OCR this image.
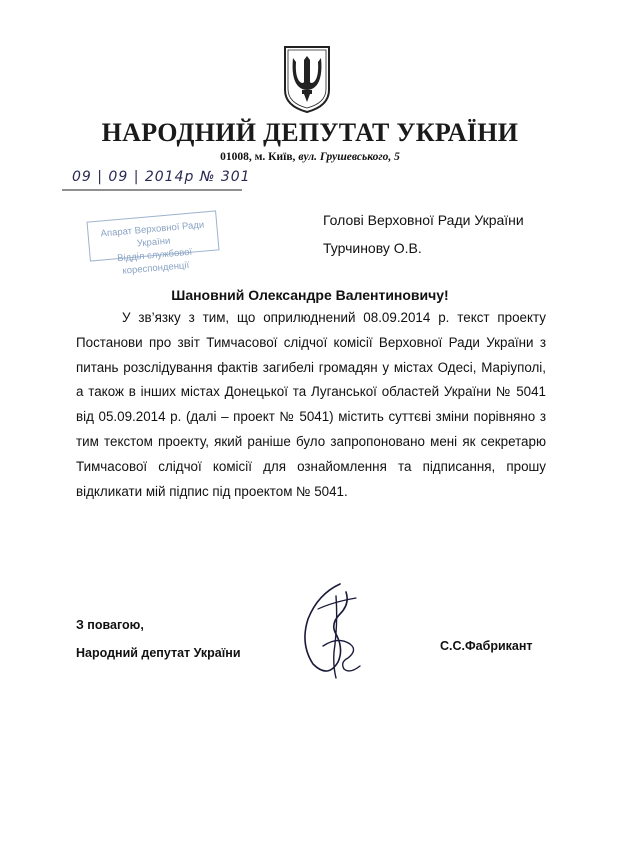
НАРОДНИЙ ДЕПУТАТ УКРАЇНИ
01008, м. Київ, вул. Грушевського, 5
09 | 09 | 2014р № 301
Апарат Верховної Ради України
Відділ службової кореспонденції
Голові Верховної Ради України
Турчинову О.В.
Шановний Олександре Валентиновичу!
У зв’язку з тим, що оприлюднений 08.09.2014 р. текст проекту Постанови про звіт Тимчасової слідчої комісії Верховної Ради України з питань розслідування фактів загибелі громадян у містах Одесі, Маріуполі, а також в інших містах Донецької та Луганської областей України № 5041 від 05.09.2014 р. (далі – проект № 5041) містить суттєві зміни порівняно з тим текстом проекту, який раніше було запропоновано мені як секретарю Тимчасової слідчої комісії для ознайомлення та підписання, прошу відкликати мій підпис під проектом № 5041.
З повагою,
Народний депутат України	С.С.Фабрикант
